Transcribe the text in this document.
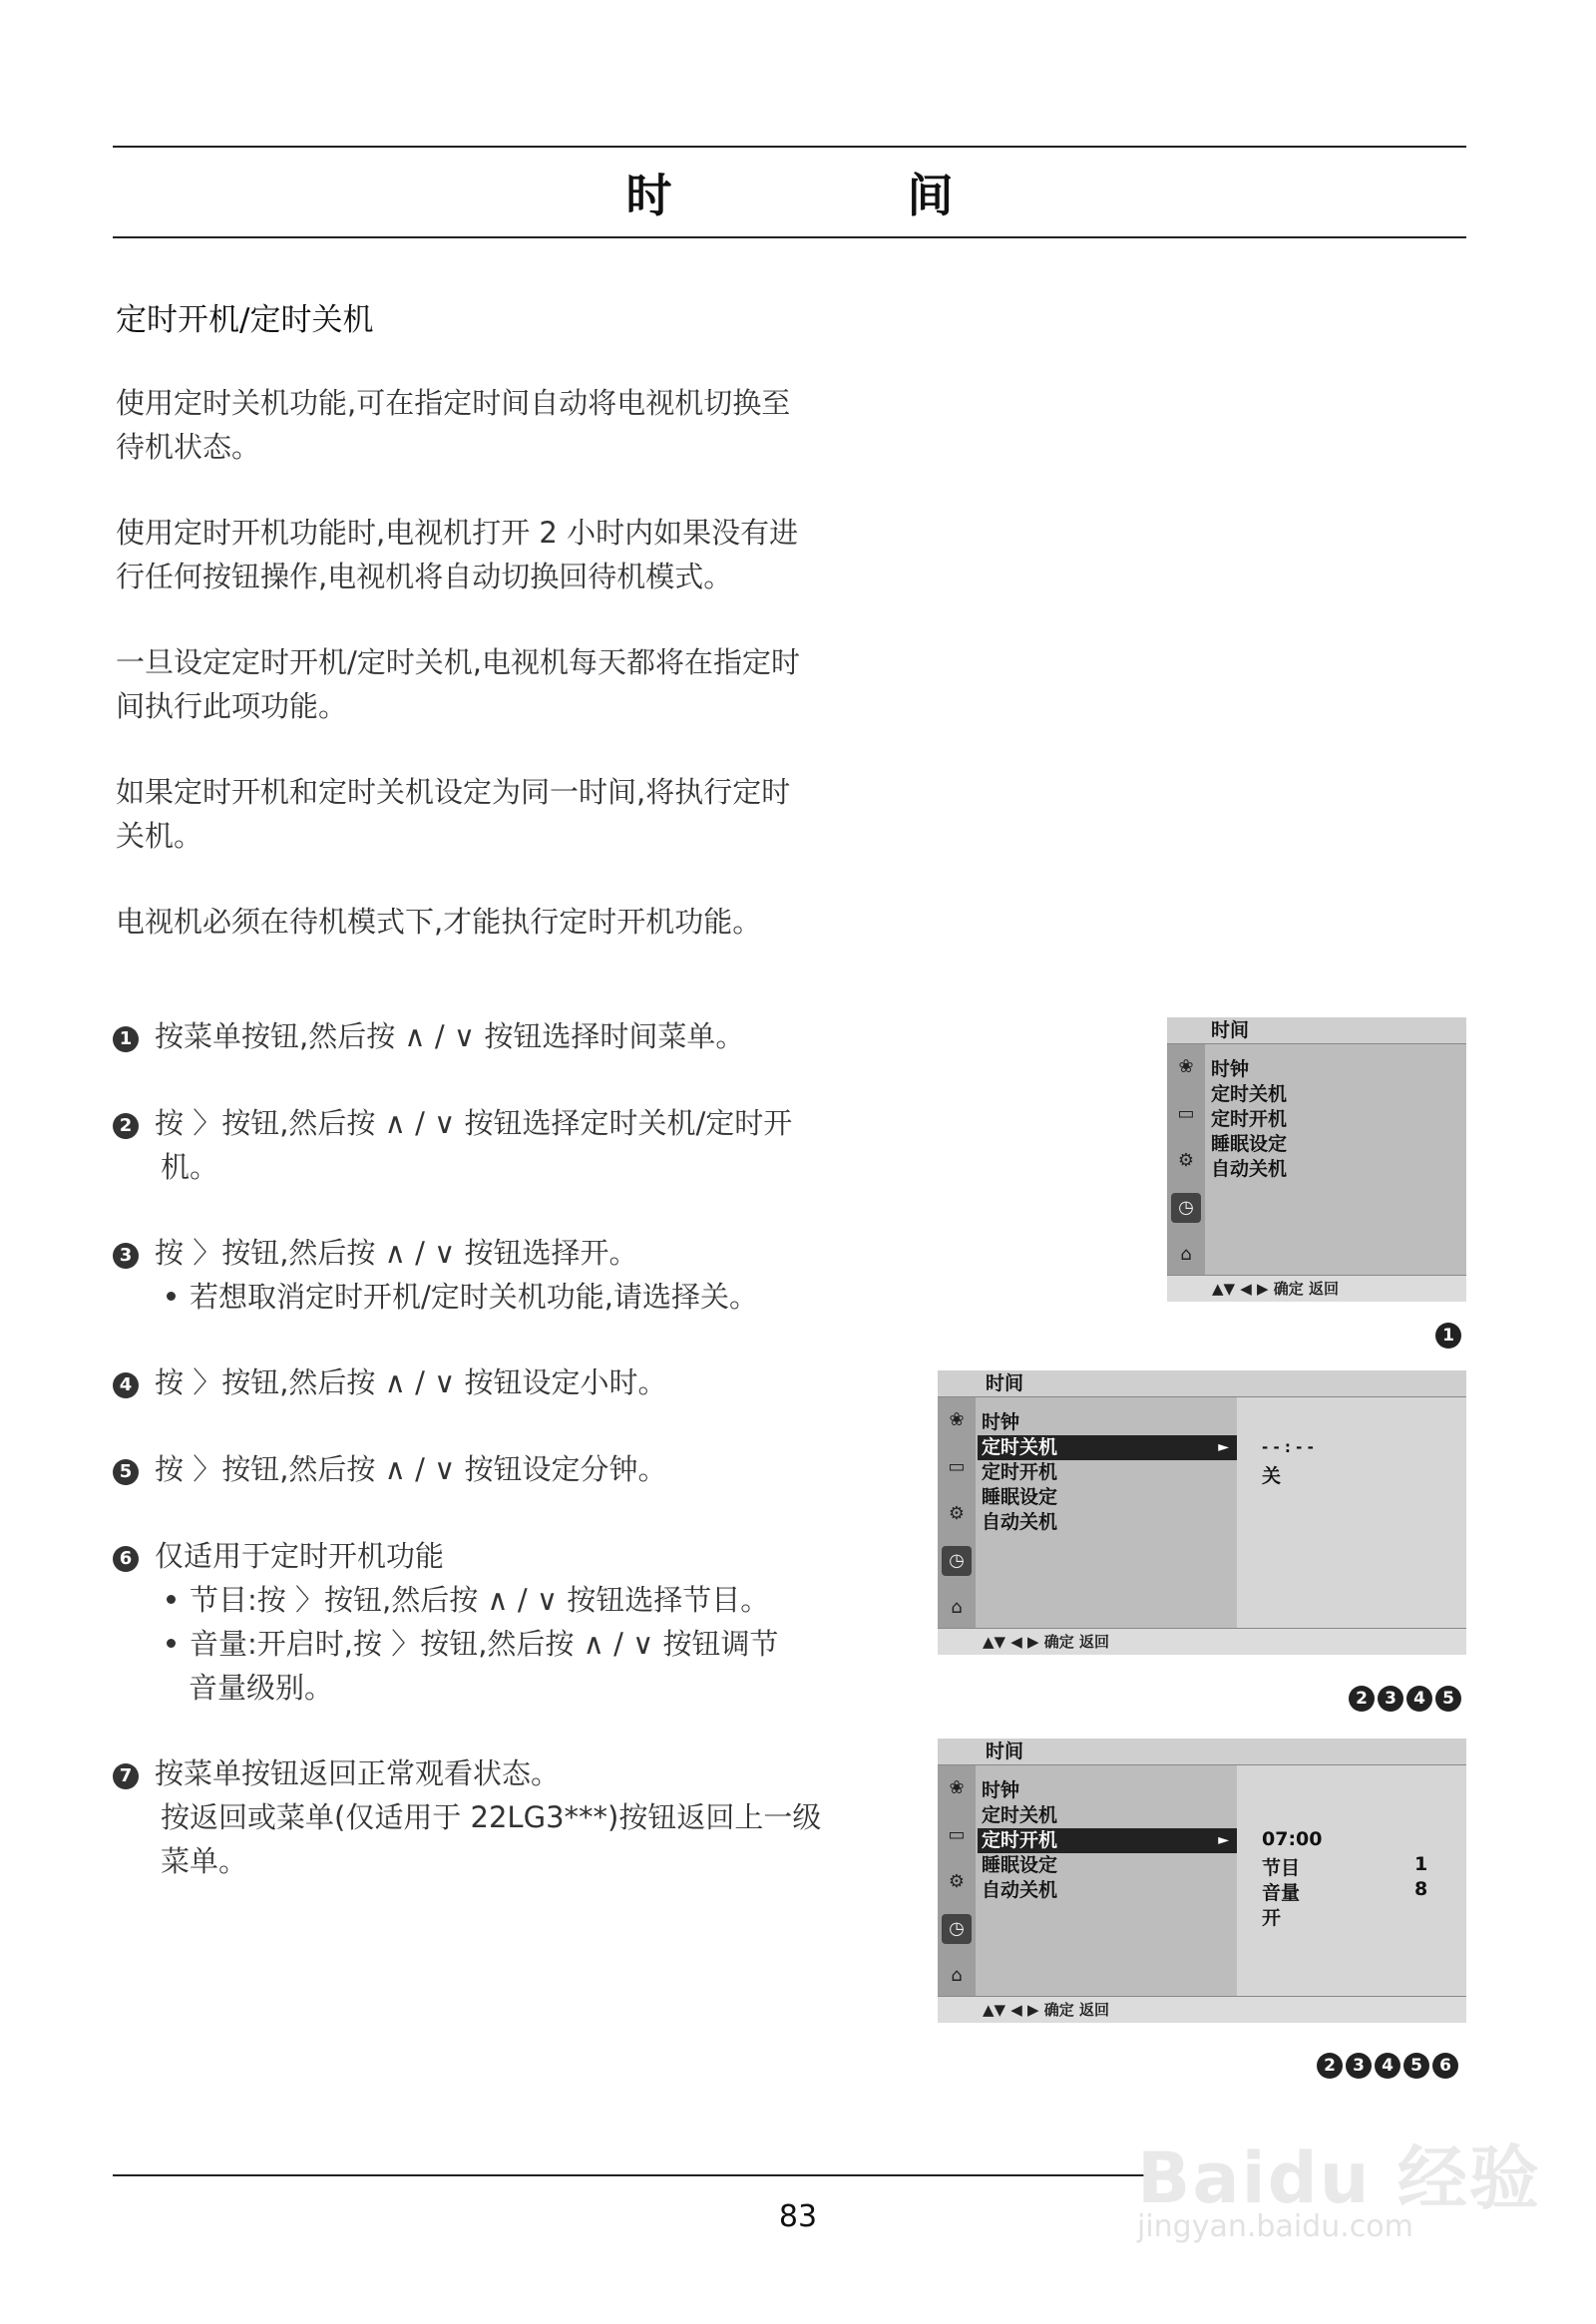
时 间
定时开机/定时关机
使用定时关机功能,可在指定时间自动将电视机切换至
待机状态。
使用定时开机功能时,电视机打开 2 小时内如果没有进
行任何按钮操作,电视机将自动切换回待机模式。
一旦设定定时开机/定时关机,电视机每天都将在指定时
间执行此项功能。
如果定时开机和定时关机设定为同一时间,将执行定时
关机。
电视机必须在待机模式下,才能执行定时开机功能。
1 按菜单按钮,然后按 ∧ / ∨ 按钮选择时间菜单。
2 按 〉按钮,然后按 ∧ / ∨ 按钮选择定时关机/定时开
机。
3 按 〉按钮,然后按 ∧ / ∨ 按钮选择开。
若想取消定时开机/定时关机功能,请选择关。
4 按 〉按钮,然后按 ∧ / ∨ 按钮设定小时。
5 按 〉按钮,然后按 ∧ / ∨ 按钮设定分钟。
6 仅适用于定时开机功能
节目:按 〉按钮,然后按 ∧ / ∨ 按钮选择节目。
音量:开启时,按 〉按钮,然后按 ∧ / ∨ 按钮调节
音量级别。
7 按菜单按钮返回正常观看状态。
按返回或菜单(仅适用于 22LG3***)按钮返回上一级
菜单。
时间
❀
▭
⚙
◷
⌂
时钟
定时关机
定时开机
睡眠设定
自动关机
▲▼ ◀ ▶ 确定 返回
1
时间
❀
▭
⚙
◷
⌂
时钟
定时关机	►
定时开机
睡眠设定
自动关机
- - : - -
关
▲▼ ◀ ▶ 确定 返回
2 3 4 5
时间
❀
▭
⚙
◷
⌂
时钟
定时关机
定时开机	►
睡眠设定
自动关机
07:00
节目	1
音量	8
开
▲▼ ◀ ▶ 确定 返回
2 3 4 5 6
Baidu 经验
jingyan.baidu.com
83
